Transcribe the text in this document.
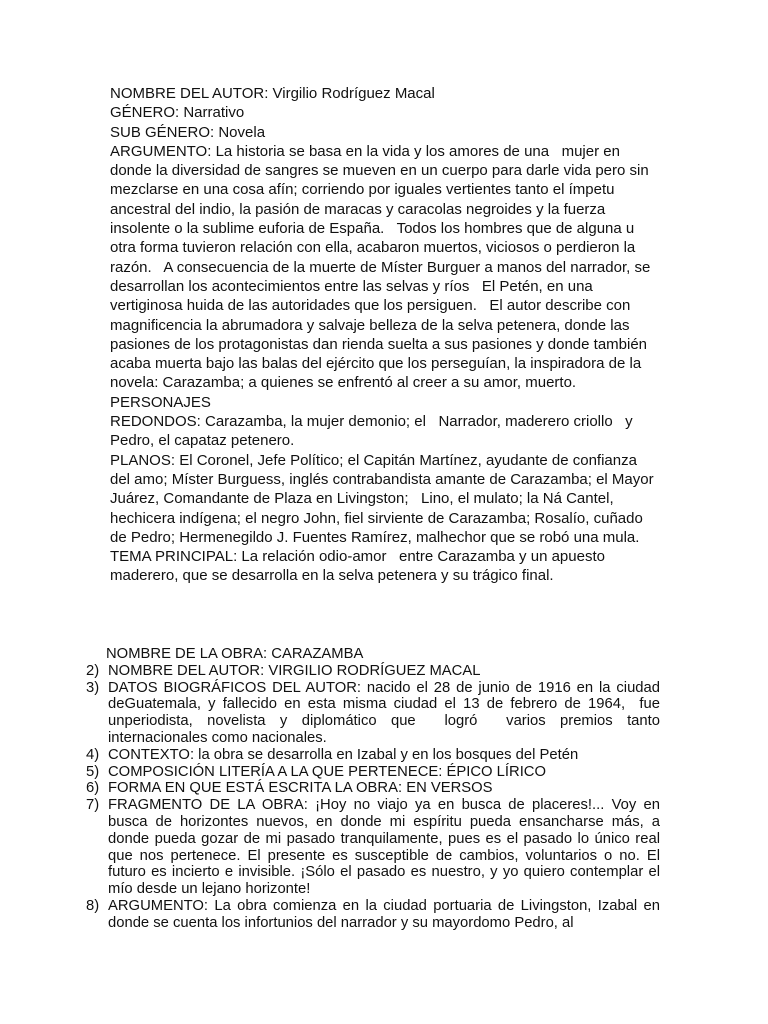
NOMBRE DEL AUTOR: Virgilio Rodríguez Macal

GÉNERO: Narrativo

SUB GÉNERO: Novela

ARGUMENTO: La historia se basa en la vida y los amores de una   mujer en donde la diversidad de sangres se mueven en un cuerpo para darle vida pero sin mezclarse en una cosa afín; corriendo por iguales vertientes tanto el ímpetu ancestral del indio, la pasión de maracas y caracolas negroides y la fuerza insolente o la sublime euforia de España.   Todos los hombres que de alguna u otra forma tuvieron relación con ella, acabaron muertos, viciosos o perdieron la razón.   A consecuencia de la muerte de Míster Burguer a manos del narrador, se desarrollan los acontecimientos entre las selvas y ríos   El Petén, en una vertiginosa huida de las autoridades que los persiguen.   El autor describe con magnificencia la abrumadora y salvaje belleza de la selva petenera, donde las pasiones de los protagonistas dan rienda suelta a sus pasiones y donde también acaba muerta bajo las balas del ejército que los perseguían, la inspiradora de la novela: Carazamba; a quienes se enfrentó al creer a su amor, muerto.

PERSONAJES

REDONDOS: Carazamba, la mujer demonio; el   Narrador, maderero criollo   y Pedro, el capataz petenero.

PLANOS: El Coronel, Jefe Político; el Capitán Martínez, ayudante de confianza del amo; Míster Burguess, inglés contrabandista amante de Carazamba; el Mayor Juárez, Comandante de Plaza en Livingston;   Lino, el mulato; la Ná Cantel, hechicera indígena; el negro John, fiel sirviente de Carazamba; Rosalío, cuñado de Pedro; Hermenegildo J. Fuentes Ramírez, malhechor que se robó una mula.

TEMA PRINCIPAL: La relación odio-amor   entre Carazamba y un apuesto maderero, que se desarrolla en la selva petenera y su trágico final.

NOMBRE DE LA OBRA: CARAZAMBA

2) NOMBRE DEL AUTOR: VIRGILIO RODRÍGUEZ MACAL
3) DATOS BIOGRÁFICOS DEL AUTOR: nacido el 28 de junio de 1916 en la ciudad deGuatemala, y fallecido en esta misma ciudad el 13 de febrero de 1964,  fue  unperiodista, novelista y diplomático que  logró  varios premios tanto internacionales como nacionales.
4) CONTEXTO: la obra se desarrolla en Izabal y en los bosques del Petén
5) COMPOSICIÓN LITERÍA A LA QUE PERTENECE: ÉPICO LÍRICO
6) FORMA EN QUE ESTÁ ESCRITA LA OBRA: EN VERSOS
7) FRAGMENTO DE LA OBRA: ¡Hoy no viajo ya en busca de placeres!... Voy en busca de horizontes nuevos, en donde mi espíritu pueda ensancharse más, a donde pueda gozar de mi pasado tranquilamente, pues es el pasado lo único real que nos pertenece. El presente es susceptible de cambios, voluntarios o no. El futuro es incierto e invisible. ¡Sólo el pasado es nuestro, y yo quiero contemplar el mío desde un lejano horizonte!
8) ARGUMENTO: La obra comienza en la ciudad portuaria de Livingston, Izabal en donde se cuenta los infortunios del narrador y su mayordomo Pedro, al
